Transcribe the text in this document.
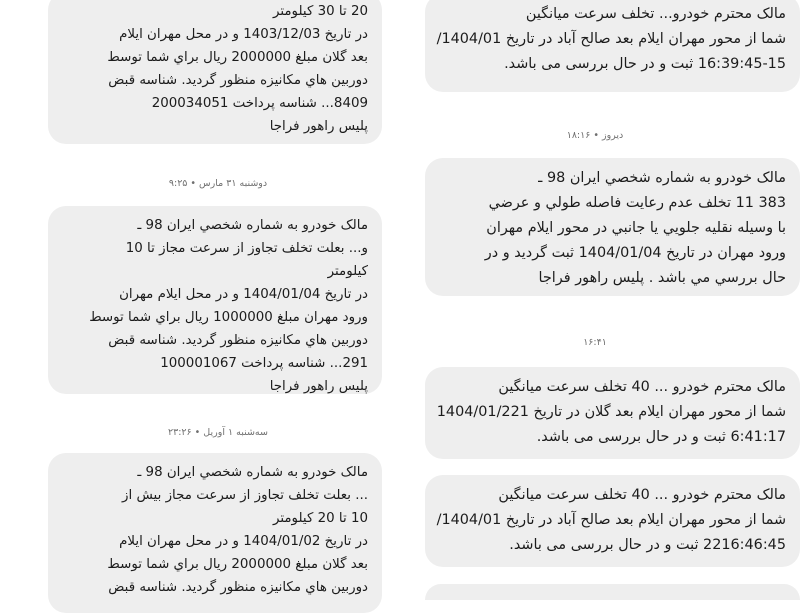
20 تا 30 کیلومتر
در تاریخ 1403/12/03 و در محل مهران ایلام
بعد گلان مبلغ 2000000 ریال براي شما توسط
دوربین هاي مکانیزه منظور گردید. شناسه قبض
8409... شناسه پرداخت 200034051
پلیس راهور فراجا
دوشنبه ۳۱ مارس • ۹:۲۵
مالک خودرو به شماره شخصي ایران 98 ـ
و... بعلت تخلف تجاوز از سرعت مجاز تا 10
کیلومتر
در تاریخ 1404/01/04 و در محل ایلام مهران
ورود مهران مبلغ 1000000 ریال براي شما توسط
دوربین هاي مکانیزه منظور گردید. شناسه قبض
291... شناسه پرداخت 100001067
پلیس راهور فراجا
سه‌شنبه ۱ آوریل • ۲۳:۲۶
مالک خودرو به شماره شخصي ایران 98 ـ
... بعلت تخلف تجاوز از سرعت مجاز بیش از
10 تا 20 کیلومتر
در تاریخ 1404/01/02 و در محل مهران ایلام
بعد گلان مبلغ 2000000 ریال براي شما توسط
دوربین هاي مکانیزه منظور گردید. شناسه قبض
مالک محترم خودرو... تخلف سرعت میانگین
شما از محور مهران ایلام بعد صالح آباد در تاریخ 1404/01/
16:39:45-15 ثبت و در حال بررسی می باشد.
دیروز • ۱۸:۱۶
مالک خودرو به شماره شخصي ایران 98 ـ
383 11 تخلف عدم رعایت فاصله طولي و عرضي
با وسیله نقلیه جلویي یا جانبي در محور ایلام مهران
ورود مهران در تاریخ 1404/01/04 ثبت گردید و در
حال بررسي مي باشد . پلیس راهور فراجا
۱۶:۴۱
مالک محترم خودرو ... 40 تخلف سرعت میانگین
شما از محور مهران ایلام بعد گلان در تاریخ 1404/01/221
6:41:17 ثبت و در حال بررسی می باشد.
مالک محترم خودرو ... 40 تخلف سرعت میانگین
شما از محور مهران ایلام بعد صالح آباد در تاریخ 1404/01/
2216:46:45 ثبت و در حال بررسی می باشد.
